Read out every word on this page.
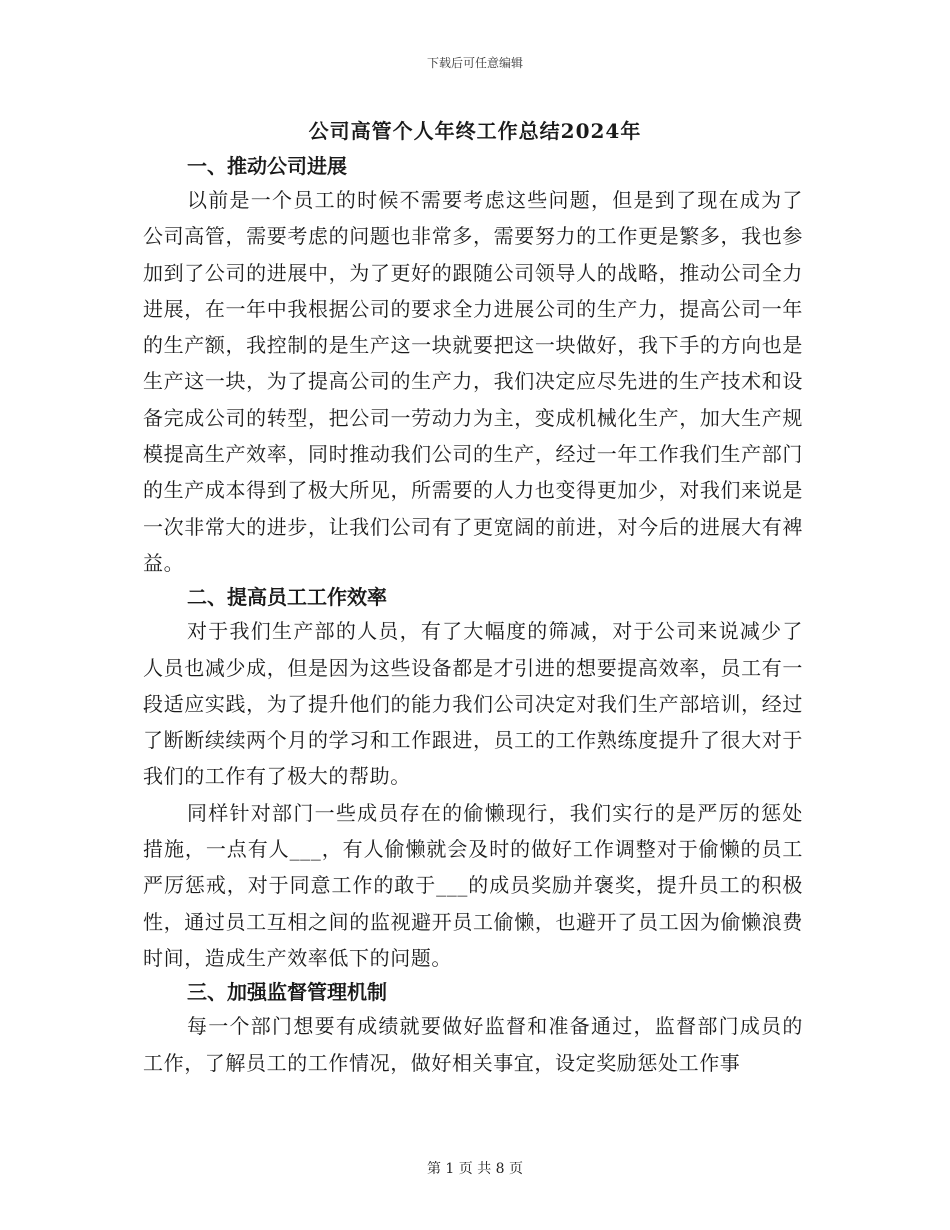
下载后可任意编辑
公司高管个人年终工作总结2024年

一、推动公司进展

以前是一个员工的时候不需要考虑这些问题，但是到了现在成为了公司高管，需要考虑的问题也非常多，需要努力的工作更是繁多，我也参加到了公司的进展中，为了更好的跟随公司领导人的战略，推动公司全力进展，在一年中我根据公司的要求全力进展公司的生产力，提高公司一年的生产额，我控制的是生产这一块就要把这一块做好，我下手的方向也是生产这一块，为了提高公司的生产力，我们决定应尽先进的生产技术和设备完成公司的转型，把公司一劳动力为主，变成机械化生产，加大生产规模提高生产效率，同时推动我们公司的生产，经过一年工作我们生产部门的生产成本得到了极大所见，所需要的人力也变得更加少，对我们来说是一次非常大的进步，让我们公司有了更宽阔的前进，对今后的进展大有裨益。

二、提高员工工作效率

对于我们生产部的人员，有了大幅度的筛减，对于公司来说减少了人员也减少成，但是因为这些设备都是才引进的想要提高效率，员工有一段适应实践，为了提升他们的能力我们公司决定对我们生产部培训，经过了断断续续两个月的学习和工作跟进，员工的工作熟练度提升了很大对于我们的工作有了极大的帮助。

同样针对部门一些成员存在的偷懒现行，我们实行的是严厉的惩处措施，一点有人___，有人偷懒就会及时的做好工作调整对于偷懒的员工严厉惩戒，对于同意工作的敢于___的成员奖励并褒奖，提升员工的积极性，通过员工互相之间的监视避开员工偷懒，也避开了员工因为偷懒浪费时间，造成生产效率低下的问题。

三、加强监督管理机制

每一个部门想要有成绩就要做好监督和准备通过，监督部门成员的工作，了解员工的工作情况，做好相关事宜，设定奖励惩处工作事

第 1 页 共 8 页
